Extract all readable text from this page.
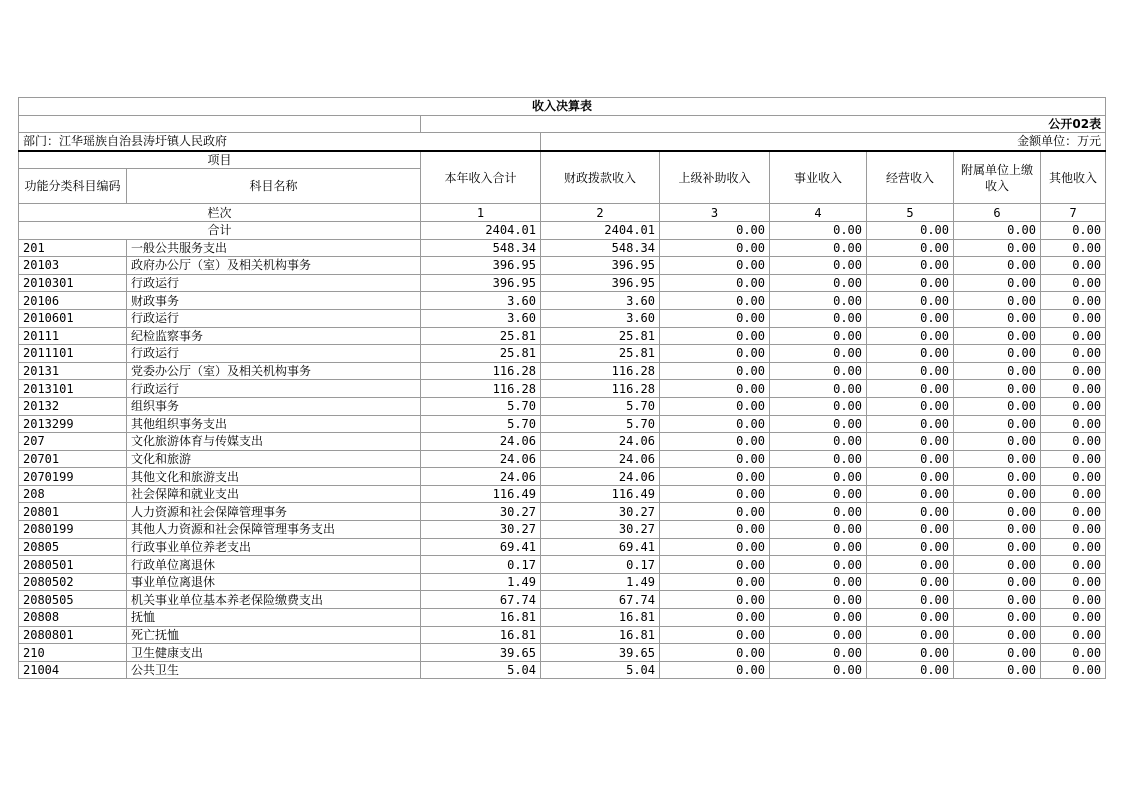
收入决算表								
		公开02表						
部门：江华瑶族自治县涛圩镇人民政府			金额单位：万元					
项目		本年收入合计	财政拨款收入	上级补助收入	事业收入	经营收入	附属单位上缴收入	其他收入
功能分类科目编码	科目名称							
栏次		1	2	3	4	5	6	7
合计		2404.01	2404.01	0.00	0.00	0.00	0.00	0.00
201	一般公共服务支出	548.34	548.34	0.00	0.00	0.00	0.00	0.00
20103	政府办公厅（室）及相关机构事务	396.95	396.95	0.00	0.00	0.00	0.00	0.00
2010301	行政运行	396.95	396.95	0.00	0.00	0.00	0.00	0.00
20106	财政事务	3.60	3.60	0.00	0.00	0.00	0.00	0.00
2010601	行政运行	3.60	3.60	0.00	0.00	0.00	0.00	0.00
20111	纪检监察事务	25.81	25.81	0.00	0.00	0.00	0.00	0.00
2011101	行政运行	25.81	25.81	0.00	0.00	0.00	0.00	0.00
20131	党委办公厅（室）及相关机构事务	116.28	116.28	0.00	0.00	0.00	0.00	0.00
2013101	行政运行	116.28	116.28	0.00	0.00	0.00	0.00	0.00
20132	组织事务	5.70	5.70	0.00	0.00	0.00	0.00	0.00
2013299	其他组织事务支出	5.70	5.70	0.00	0.00	0.00	0.00	0.00
207	文化旅游体育与传媒支出	24.06	24.06	0.00	0.00	0.00	0.00	0.00
20701	文化和旅游	24.06	24.06	0.00	0.00	0.00	0.00	0.00
2070199	其他文化和旅游支出	24.06	24.06	0.00	0.00	0.00	0.00	0.00
208	社会保障和就业支出	116.49	116.49	0.00	0.00	0.00	0.00	0.00
20801	人力资源和社会保障管理事务	30.27	30.27	0.00	0.00	0.00	0.00	0.00
2080199	其他人力资源和社会保障管理事务支出	30.27	30.27	0.00	0.00	0.00	0.00	0.00
20805	行政事业单位养老支出	69.41	69.41	0.00	0.00	0.00	0.00	0.00
2080501	行政单位离退休	0.17	0.17	0.00	0.00	0.00	0.00	0.00
2080502	事业单位离退休	1.49	1.49	0.00	0.00	0.00	0.00	0.00
2080505	机关事业单位基本养老保险缴费支出	67.74	67.74	0.00	0.00	0.00	0.00	0.00
20808	抚恤	16.81	16.81	0.00	0.00	0.00	0.00	0.00
2080801	死亡抚恤	16.81	16.81	0.00	0.00	0.00	0.00	0.00
210	卫生健康支出	39.65	39.65	0.00	0.00	0.00	0.00	0.00
21004	公共卫生	5.04	5.04	0.00	0.00	0.00	0.00	0.00
